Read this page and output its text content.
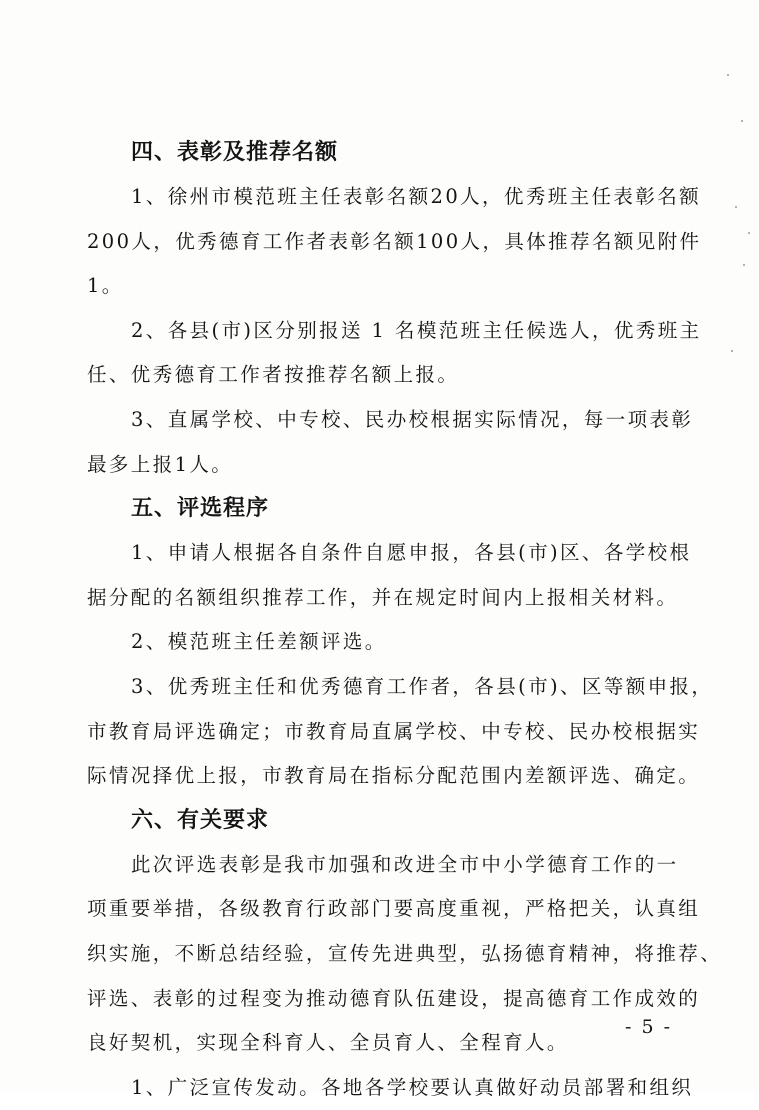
四、表彰及推荐名额

1、徐州市模范班主任表彰名额20人，优秀班主任表彰名额
200人，优秀德育工作者表彰名额100人，具体推荐名额见附件
1。

2、各县(市)区分别报送 1 名模范班主任候选人，优秀班主
任、优秀德育工作者按推荐名额上报。

3、直属学校、中专校、民办校根据实际情况，每一项表彰
最多上报1人。

五、评选程序

1、申请人根据各自条件自愿申报，各县(市)区、各学校根
据分配的名额组织推荐工作，并在规定时间内上报相关材料。

2、模范班主任差额评选。

3、优秀班主任和优秀德育工作者，各县(市)、区等额申报，
市教育局评选确定；市教育局直属学校、中专校、民办校根据实
际情况择优上报，市教育局在指标分配范围内差额评选、确定。

六、有关要求

此次评选表彰是我市加强和改进全市中小学德育工作的一
项重要举措，各级教育行政部门要高度重视，严格把关，认真组
织实施，不断总结经验，宣传先进典型，弘扬德育精神，将推荐、
评选、表彰的过程变为推动德育队伍建设，提高德育工作成效的
良好契机，实现全科育人、全员育人、全程育人。

1、广泛宣传发动。各地各学校要认真做好动员部署和组织

- 5 -
